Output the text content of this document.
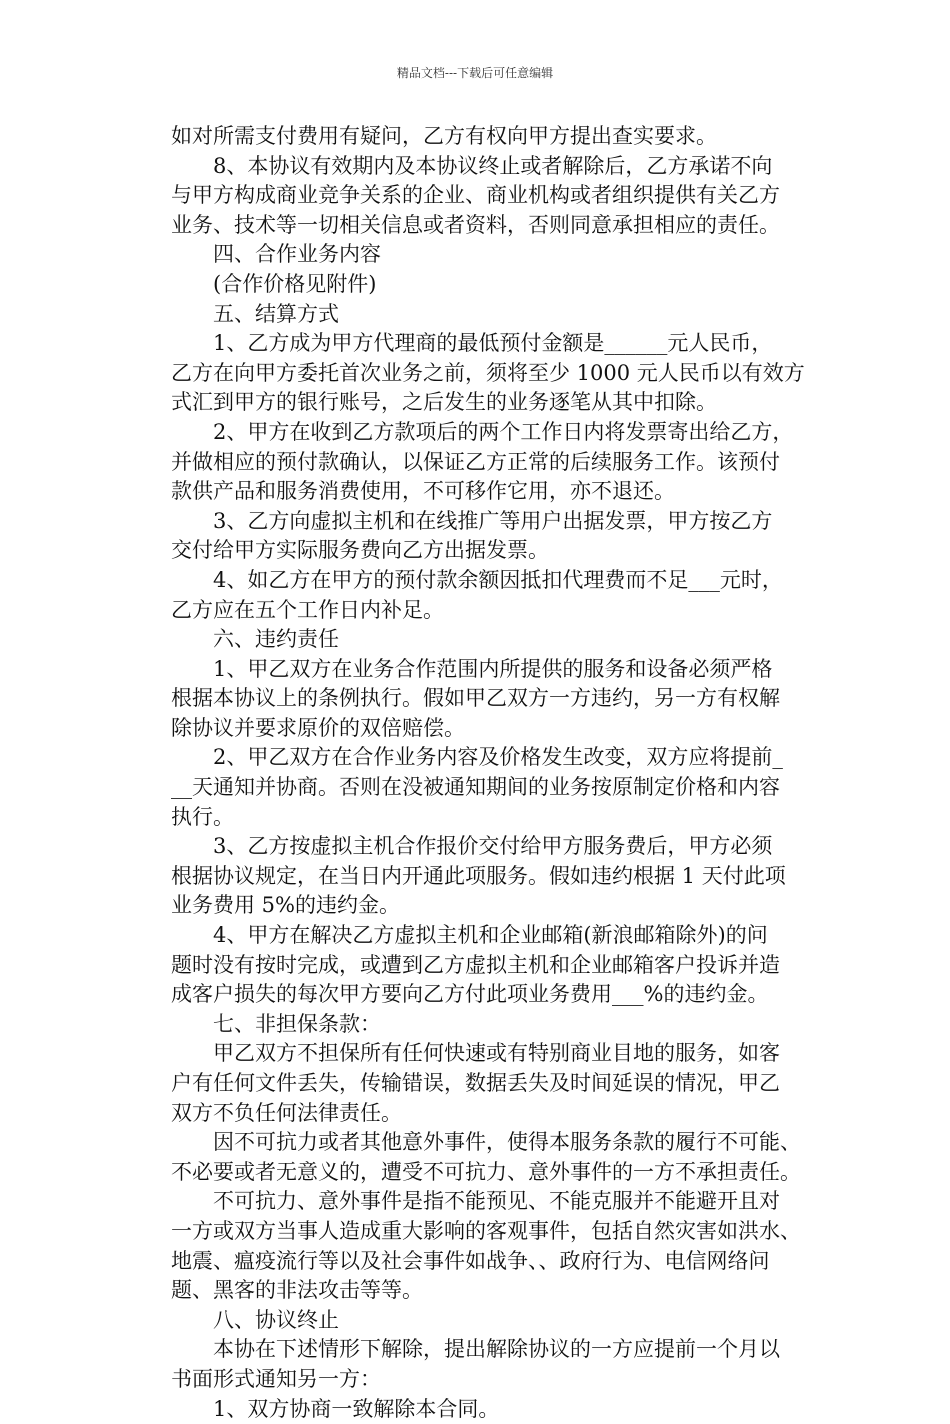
精品文档---下载后可任意编辑

如对所需支付费用有疑问，乙方有权向甲方提出查实要求。

　　8、本协议有效期内及本协议终止或者解除后，乙方承诺不向

与甲方构成商业竞争关系的企业、商业机构或者组织提供有关乙方

业务、技术等一切相关信息或者资料，否则同意承担相应的责任。

　　四、合作业务内容

　　(合作价格见附件)

　　五、结算方式

　　1、乙方成为甲方代理商的最低预付金额是______元人民币，

乙方在向甲方委托首次业务之前，须将至少 1000 元人民币以有效方

式汇到甲方的银行账号，之后发生的业务逐笔从其中扣除。

　　2、甲方在收到乙方款项后的两个工作日内将发票寄出给乙方，

并做相应的预付款确认，以保证乙方正常的后续服务工作。该预付

款供产品和服务消费使用，不可移作它用，亦不退还。

　　3、乙方向虚拟主机和在线推广等用户出据发票，甲方按乙方

交付给甲方实际服务费向乙方出据发票。

　　4、如乙方在甲方的预付款余额因抵扣代理费而不足___元时，

乙方应在五个工作日内补足。

　　六、违约责任

　　1、甲乙双方在业务合作范围内所提供的服务和设备必须严格

根据本协议上的条例执行。假如甲乙双方一方违约，另一方有权解

除协议并要求原价的双倍赔偿。

　　2、甲乙双方在合作业务内容及价格发生改变，双方应将提前_

__天通知并协商。否则在没被通知期间的业务按原制定价格和内容

执行。

　　3、乙方按虚拟主机合作报价交付给甲方服务费后，甲方必须

根据协议规定，在当日内开通此项服务。假如违约根据 1 天付此项

业务费用 5%的违约金。

　　4、甲方在解决乙方虚拟主机和企业邮箱(新浪邮箱除外)的问

题时没有按时完成，或遭到乙方虚拟主机和企业邮箱客户投诉并造

成客户损失的每次甲方要向乙方付此项业务费用___%的违约金。

　　七、非担保条款：

　　甲乙双方不担保所有任何快速或有特别商业目地的服务，如客

户有任何文件丢失，传输错误，数据丢失及时间延误的情况，甲乙

双方不负任何法律责任。

　　因不可抗力或者其他意外事件，使得本服务条款的履行不可能、

不必要或者无意义的，遭受不可抗力、意外事件的一方不承担责任。

　　不可抗力、意外事件是指不能预见、不能克服并不能避开且对

一方或双方当事人造成重大影响的客观事件，包括自然灾害如洪水、

地震、瘟疫流行等以及社会事件如战争、、政府行为、电信网络问

题、黑客的非法攻击等等。

　　八、协议终止

　　本协在下述情形下解除，提出解除协议的一方应提前一个月以

书面形式通知另一方：

　　1、双方协商一致解除本合同。
